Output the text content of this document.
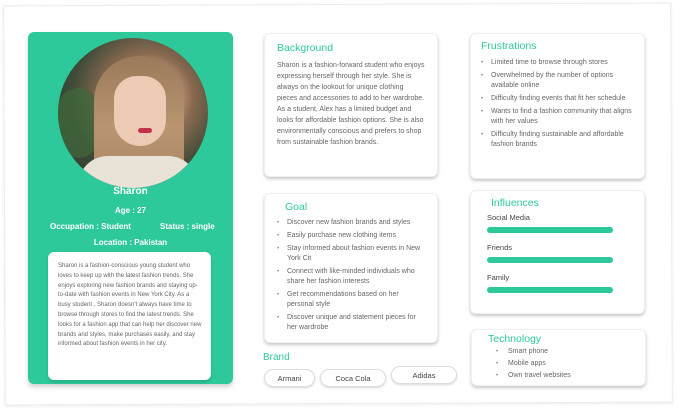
Sharon
Age : 27
Occupation : Student	Status : single
Location : Pakistan

Sharon is a fashion-conscious young student who loves to keep up with the latest fashion trends. She enjoys exploring new fashion brands and staying up-to-date with fashion events in New York City. As a busy student , Sharon doesn't always have time to browse through stores to find the latest trends. She looks for a fashion app that can help her discover new brands and styles, make purchases easily, and stay informed about fashion events in her city.

Background

Sharon is a fashion-forward student who enjoys expressing herself through her style. She is always on the lookout for unique clothing pieces and accessories to add to her wardrobe. As a student, Alex has a limited budget and looks for affordable fashion options. She is also environmentally conscious and prefers to shop from sustainable fashion brands.

Goal
• Discover new fashion brands and styles
• Easily purchase new clothing items
• Stay informed about fashion events in New York Cit
• Connect with like-minded individuals who share her fashion interests
• Get recommendations based on her personal style
• Discover unique and statement pieces for her wardrobe
Brand
Armani	Coca Cola	Adidas
Frustrations
• Limited time to browse through stores
• Overwhelmed by the number of options available online
• Difficulty finding events that fit her schedule
• Wants to find a fashion community that aligns with her values
• Difficulty finding sustainable and affordable fashion brands
Influences
Social Media
Friends
Family
Technology
• Smart phone
• Mobile apps
• Own travel websites
